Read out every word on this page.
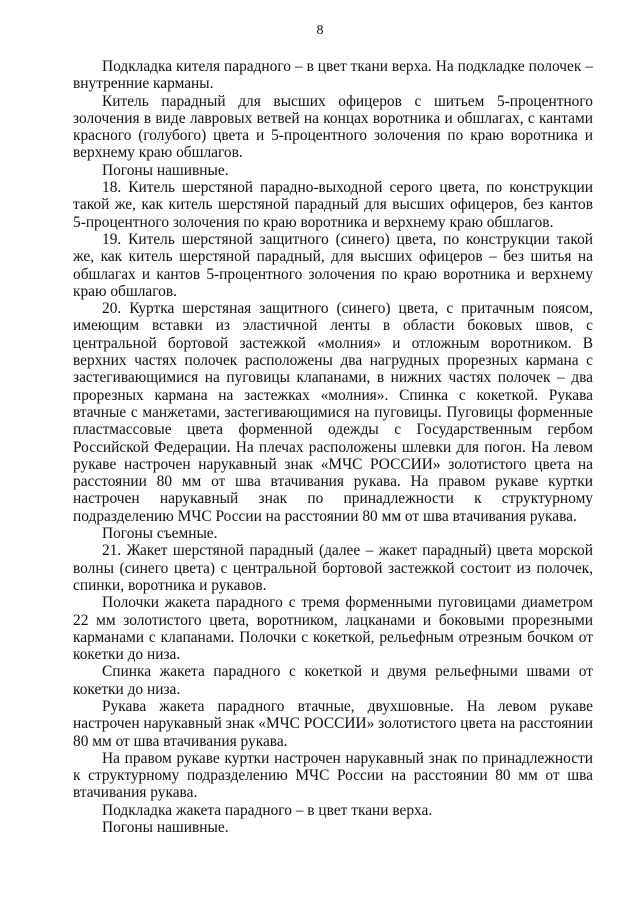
8

Подкладка кителя парадного – в цвет ткани верха. На подкладке полочек – внутренние карманы.

Китель парадный для высших офицеров с шитьем 5-процентного золочения в виде лавровых ветвей на концах воротника и обшлагах, с кантами красного (голубого) цвета и 5-процентного золочения по краю воротника и верхнему краю обшлагов.

Погоны нашивные.

18. Китель шерстяной парадно-выходной серого цвета, по конструкции такой же, как китель шерстяной парадный для высших офицеров, без кантов 5-процентного золочения по краю воротника и верхнему краю обшлагов.

19. Китель шерстяной защитного (синего) цвета, по конструкции такой же, как китель шерстяной парадный, для высших офицеров – без шитья на обшлагах и кантов 5-процентного золочения по краю воротника и верхнему краю обшлагов.

20. Куртка шерстяная защитного (синего) цвета, с притачным поясом, имеющим вставки из эластичной ленты в области боковых швов, с центральной бортовой застежкой «молния» и отложным воротником. В верхних частях полочек расположены два нагрудных прорезных кармана с застегивающимися на пуговицы клапанами, в нижних частях полочек – два прорезных кармана на застежках «молния». Спинка с кокеткой. Рукава втачные с манжетами, застегивающимися на пуговицы. Пуговицы форменные пластмассовые цвета форменной одежды с Государственным гербом Российской Федерации. На плечах расположены шлевки для погон. На левом рукаве настрочен нарукавный знак «МЧС РОССИИ» золотистого цвета на расстоянии 80 мм от шва втачивания рукава. На правом рукаве куртки настрочен нарукавный знак по принадлежности к структурному подразделению МЧС России на расстоянии 80 мм от шва втачивания рукава.

Погоны съемные.

21. Жакет шерстяной парадный (далее – жакет парадный) цвета морской волны (синего цвета) с центральной бортовой застежкой состоит из полочек, спинки, воротника и рукавов.

Полочки жакета парадного с тремя форменными пуговицами диаметром 22 мм золотистого цвета, воротником, лацканами и боковыми прорезными карманами с клапанами. Полочки с кокеткой, рельефным отрезным бочком от кокетки до низа.

Спинка жакета парадного с кокеткой и двумя рельефными швами от кокетки до низа.

Рукава жакета парадного втачные, двухшовные. На левом рукаве настрочен нарукавный знак «МЧС РОССИИ» золотистого цвета на расстоянии 80 мм от шва втачивания рукава.

На правом рукаве куртки настрочен нарукавный знак по принадлежности к структурному подразделению МЧС России на расстоянии 80 мм от шва втачивания рукава.

Подкладка жакета парадного – в цвет ткани верха.

Погоны нашивные.
